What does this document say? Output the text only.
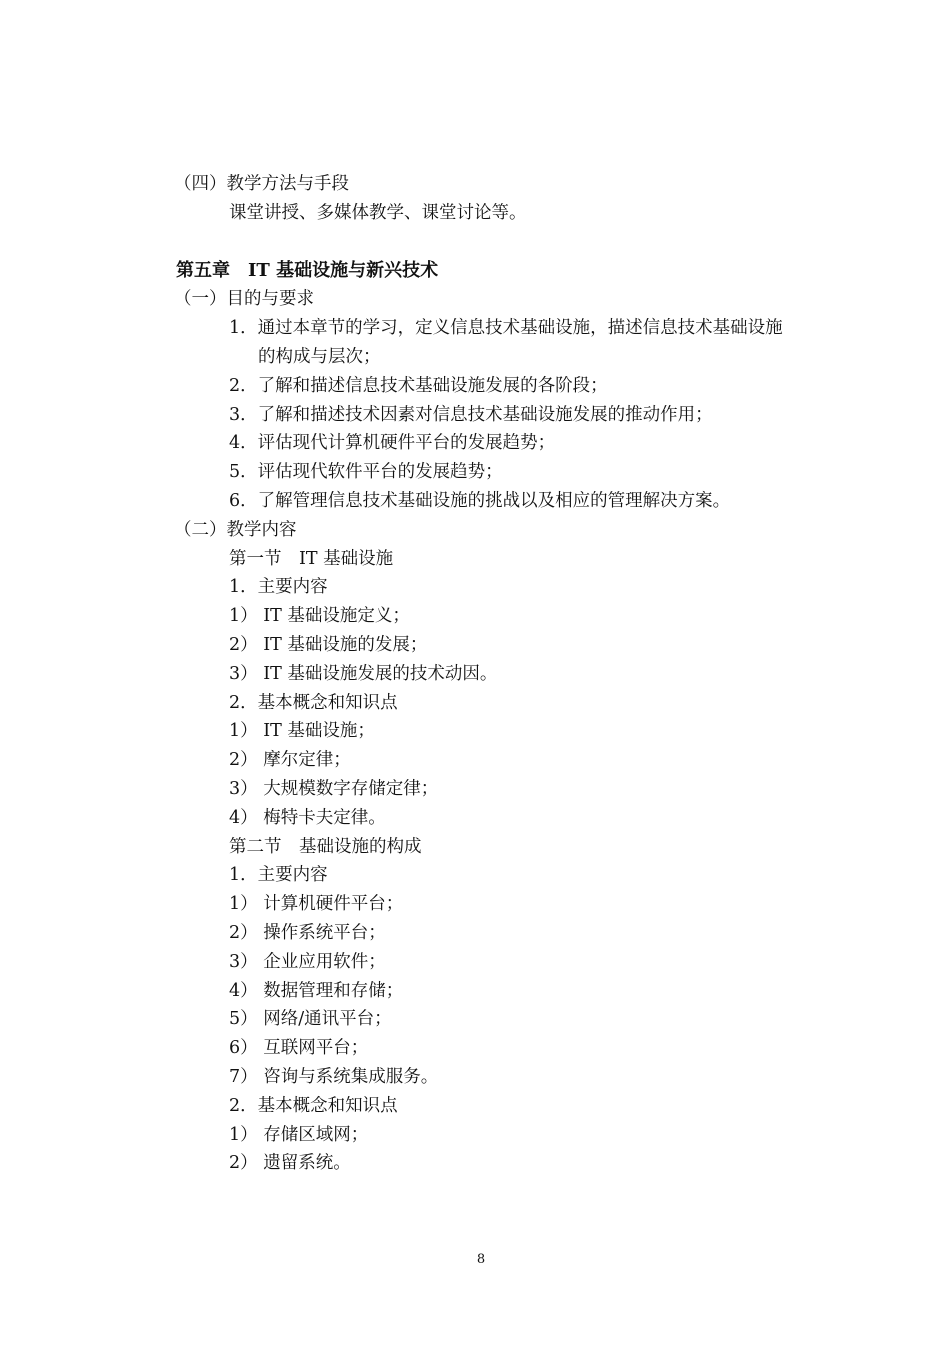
（四）教学方法与手段
课堂讲授、多媒体教学、课堂讨论等。
第五章　IT 基础设施与新兴技术
（一）目的与要求
1．通过本章节的学习，定义信息技术基础设施，描述信息技术基础设施
的构成与层次；
2．了解和描述信息技术基础设施发展的各阶段；
3．了解和描述技术因素对信息技术基础设施发展的推动作用；
4．评估现代计算机硬件平台的发展趋势；
5．评估现代软件平台的发展趋势；
6．了解管理信息技术基础设施的挑战以及相应的管理解决方案。
（二）教学内容
第一节　IT 基础设施
1．主要内容
1） IT 基础设施定义；
2） IT 基础设施的发展；
3） IT 基础设施发展的技术动因。
2．基本概念和知识点
1） IT 基础设施；
2） 摩尔定律；
3） 大规模数字存储定律；
4） 梅特卡夫定律。
第二节　基础设施的构成
1．主要内容
1） 计算机硬件平台；
2） 操作系统平台；
3） 企业应用软件；
4） 数据管理和存储；
5） 网络/通讯平台；
6） 互联网平台；
7） 咨询与系统集成服务。
2．基本概念和知识点
1） 存储区域网；
2） 遗留系统。
8
